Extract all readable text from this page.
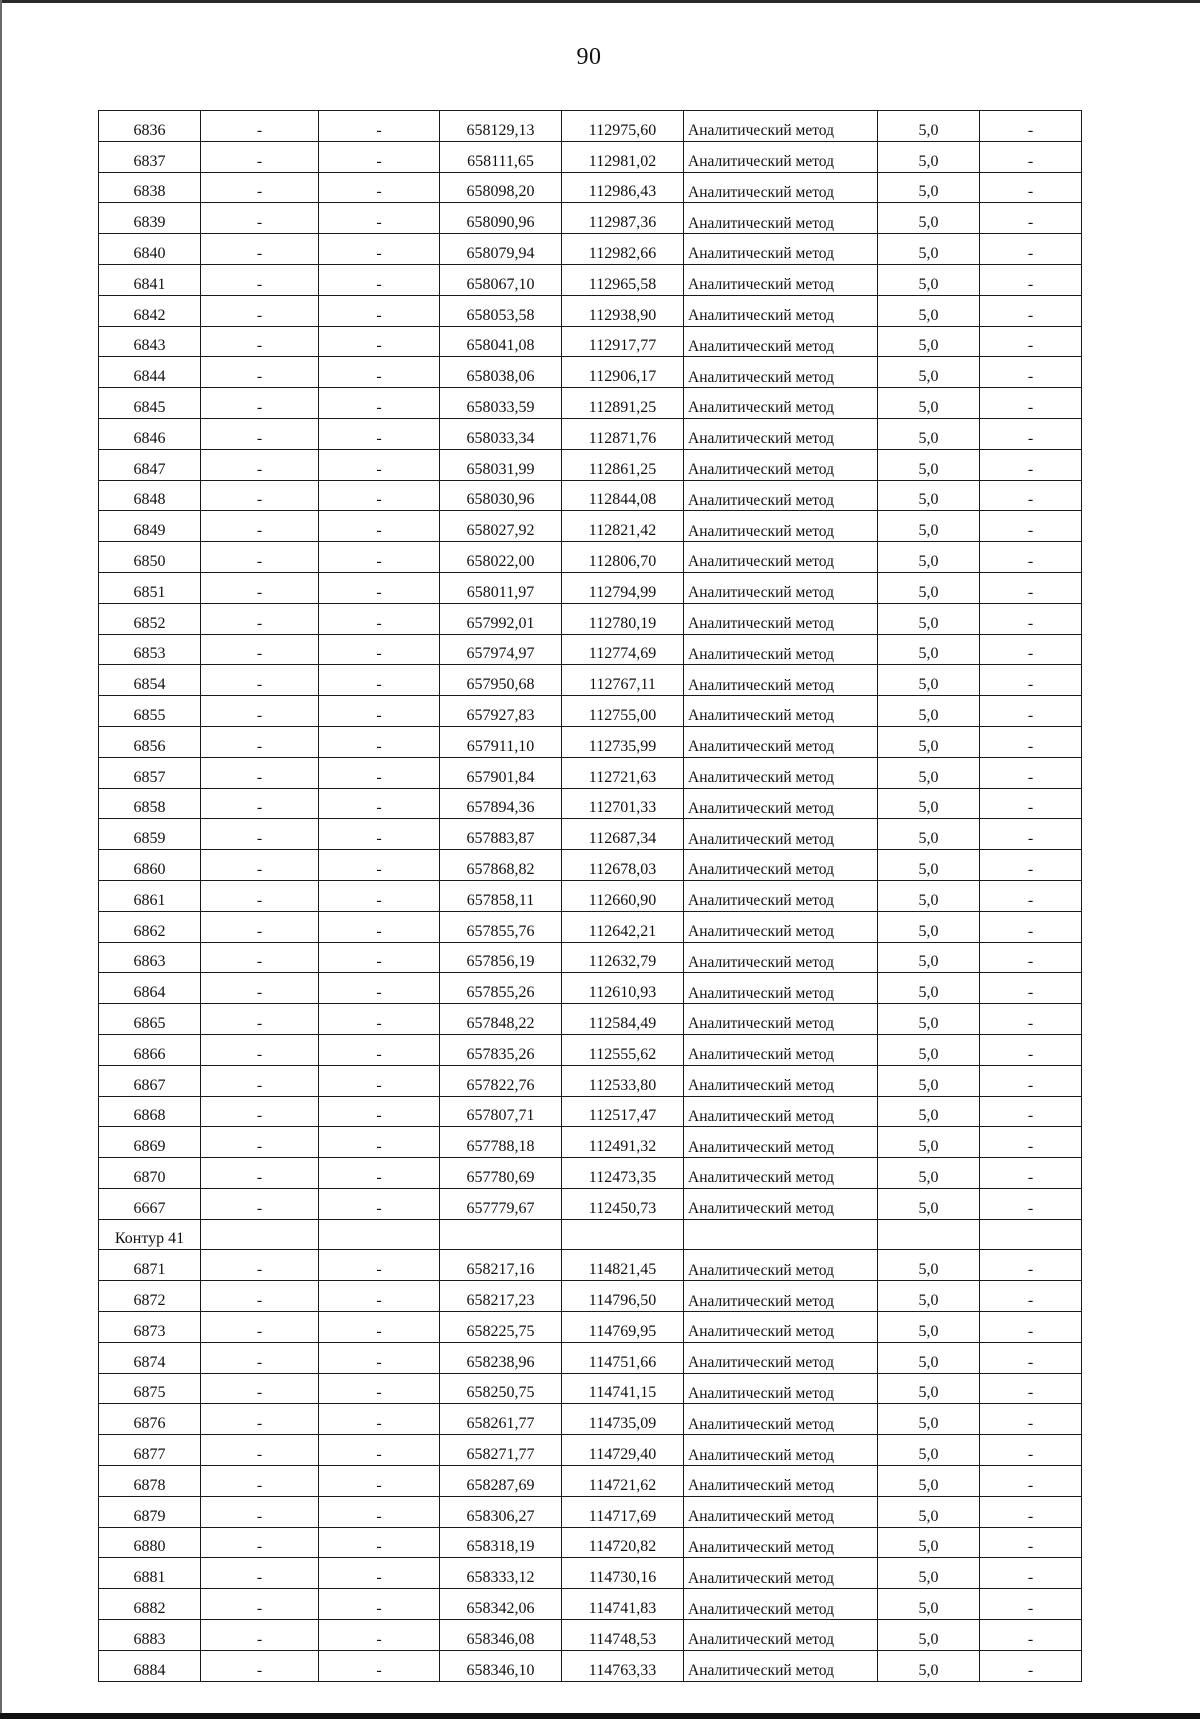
90
6836	-	-	658129,13	112975,60	Аналитический метод	5,0	-
6837	-	-	658111,65	112981,02	Аналитический метод	5,0	-
6838	-	-	658098,20	112986,43	Аналитический метод	5,0	-
6839	-	-	658090,96	112987,36	Аналитический метод	5,0	-
6840	-	-	658079,94	112982,66	Аналитический метод	5,0	-
6841	-	-	658067,10	112965,58	Аналитический метод	5,0	-
6842	-	-	658053,58	112938,90	Аналитический метод	5,0	-
6843	-	-	658041,08	112917,77	Аналитический метод	5,0	-
6844	-	-	658038,06	112906,17	Аналитический метод	5,0	-
6845	-	-	658033,59	112891,25	Аналитический метод	5,0	-
6846	-	-	658033,34	112871,76	Аналитический метод	5,0	-
6847	-	-	658031,99	112861,25	Аналитический метод	5,0	-
6848	-	-	658030,96	112844,08	Аналитический метод	5,0	-
6849	-	-	658027,92	112821,42	Аналитический метод	5,0	-
6850	-	-	658022,00	112806,70	Аналитический метод	5,0	-
6851	-	-	658011,97	112794,99	Аналитический метод	5,0	-
6852	-	-	657992,01	112780,19	Аналитический метод	5,0	-
6853	-	-	657974,97	112774,69	Аналитический метод	5,0	-
6854	-	-	657950,68	112767,11	Аналитический метод	5,0	-
6855	-	-	657927,83	112755,00	Аналитический метод	5,0	-
6856	-	-	657911,10	112735,99	Аналитический метод	5,0	-
6857	-	-	657901,84	112721,63	Аналитический метод	5,0	-
6858	-	-	657894,36	112701,33	Аналитический метод	5,0	-
6859	-	-	657883,87	112687,34	Аналитический метод	5,0	-
6860	-	-	657868,82	112678,03	Аналитический метод	5,0	-
6861	-	-	657858,11	112660,90	Аналитический метод	5,0	-
6862	-	-	657855,76	112642,21	Аналитический метод	5,0	-
6863	-	-	657856,19	112632,79	Аналитический метод	5,0	-
6864	-	-	657855,26	112610,93	Аналитический метод	5,0	-
6865	-	-	657848,22	112584,49	Аналитический метод	5,0	-
6866	-	-	657835,26	112555,62	Аналитический метод	5,0	-
6867	-	-	657822,76	112533,80	Аналитический метод	5,0	-
6868	-	-	657807,71	112517,47	Аналитический метод	5,0	-
6869	-	-	657788,18	112491,32	Аналитический метод	5,0	-
6870	-	-	657780,69	112473,35	Аналитический метод	5,0	-
6667	-	-	657779,67	112450,73	Аналитический метод	5,0	-
Контур 41							
6871	-	-	658217,16	114821,45	Аналитический метод	5,0	-
6872	-	-	658217,23	114796,50	Аналитический метод	5,0	-
6873	-	-	658225,75	114769,95	Аналитический метод	5,0	-
6874	-	-	658238,96	114751,66	Аналитический метод	5,0	-
6875	-	-	658250,75	114741,15	Аналитический метод	5,0	-
6876	-	-	658261,77	114735,09	Аналитический метод	5,0	-
6877	-	-	658271,77	114729,40	Аналитический метод	5,0	-
6878	-	-	658287,69	114721,62	Аналитический метод	5,0	-
6879	-	-	658306,27	114717,69	Аналитический метод	5,0	-
6880	-	-	658318,19	114720,82	Аналитический метод	5,0	-
6881	-	-	658333,12	114730,16	Аналитический метод	5,0	-
6882	-	-	658342,06	114741,83	Аналитический метод	5,0	-
6883	-	-	658346,08	114748,53	Аналитический метод	5,0	-
6884	-	-	658346,10	114763,33	Аналитический метод	5,0	-
